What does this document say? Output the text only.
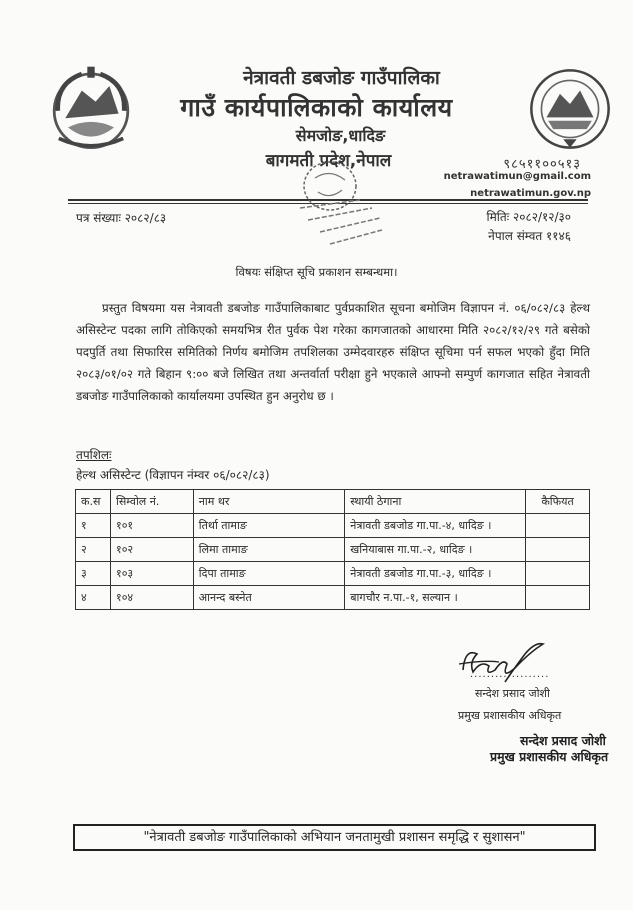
नेत्रावती डबजोङ गाउँपालिका
गाउँ कार्यपालिकाको कार्यालय
सेमजोङ,धादिङ
बागमती प्रदेश,नेपाल	९८५११००५१३
netrawatimun@gmail.com
netrawatimun.gov.np
पत्र संख्याः २०८२/८३	मितिः २०८२/१२/३०
नेपाल संम्वत ११४६
विषयः संक्षिप्त सूचि प्रकाशन सम्बन्धमा।

प्रस्तुत विषयमा यस नेत्रावती डबजोङ गाउँपालिकाबाट पुर्वप्रकाशित सूचना बमोजिम विज्ञापन नं. ०६/०८२/८३ हेल्थ असिस्टेन्ट पदका लागि तोकिएको समयभित्र रीत पुर्वक पेश गरेका कागजातको आधारमा मिति २०८२/१२/२९ गते बसेको पदपुर्ति तथा सिफारिस समितिको निर्णय बमोजिम तपशिलका उम्मेदवारहरु संक्षिप्त सूचिमा पर्न सफल भएको हुँदा मिति २०८३/०१/०२ गते बिहान ९:०० बजे लिखित तथा अन्तर्वार्ता परीक्षा हुने भएकाले आफ्नो सम्पुर्ण कागजात सहित नेत्रावती डबजोङ गाउँपालिकाको कार्यालयमा उपस्थित हुन अनुरोध छ ।

तपशिलः
हेल्थ असिस्टेन्ट (विज्ञापन नंम्वर ०६/०८२/८३)
क.स	सिम्वोल नं.	नाम थर	स्थायी ठेगाना	कैफियत
१	१०१	तिर्था तामाङ	नेत्रावती डबजोड गा.पा.-४, धादिङ ।	
२	१०२	लिमा तामाङ	खनियाबास गा.पा.-२, धादिङ ।	
३	१०३	दिपा तामाङ	नेत्रावती डबजोड गा.पा.-३, धादिङ ।	
४	१०४	आनन्द बस्नेत	बागचौर न.पा.-१, सल्यान ।	
...................
सन्देश प्रसाद जोशी
प्रमुख प्रशासकीय अधिकृत
सन्देश प्रसाद जोशी
प्रमुख प्रशासकीय अधिकृत
"नेत्रावती डबजोङ गाउँपालिकाको अभियान जनतामुखी प्रशासन समृद्धि र सुशासन"
